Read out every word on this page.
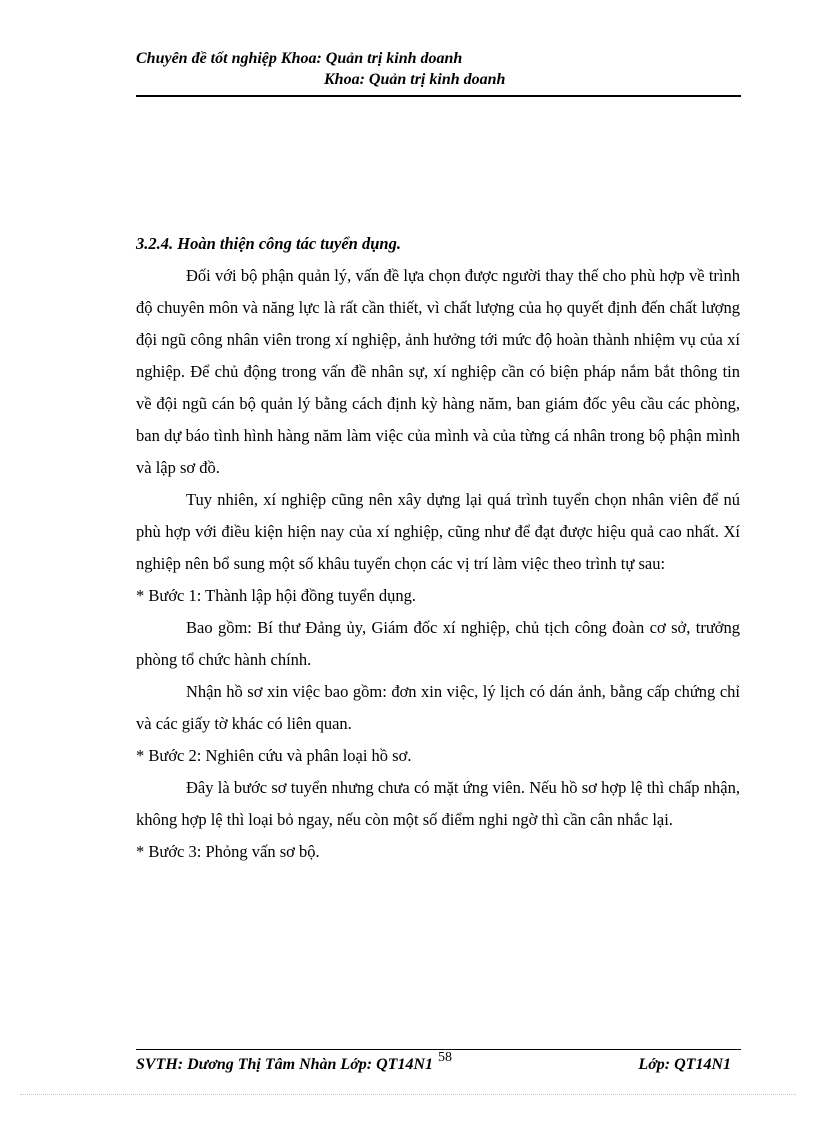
Chuyên đề tốt nghiệp Khoa: Quản trị kinh doanh
Khoa: Quản trị kinh doanh

3.2.4. Hoàn thiện công tác tuyển dụng.

Đối với bộ phận quản lý, vấn đề lựa chọn được người thay thế cho phù hợp về trình độ chuyên môn và năng lực là rất cần thiết, vì chất lượng của họ quyết định đến chất lượng đội ngũ công nhân viên trong xí nghiệp, ảnh hưởng tới mức độ hoàn thành nhiệm vụ của xí nghiệp. Để chủ động trong vấn đề nhân sự, xí nghiệp cần có biện pháp nắm bắt thông tin về đội ngũ cán bộ quản lý bằng cách định kỳ hàng năm, ban giám đốc yêu cầu các phòng, ban dự báo tình hình hàng năm làm việc của mình và của từng cá nhân trong bộ phận mình và lập sơ đồ.

Tuy nhiên, xí nghiệp cũng nên xây dựng lại quá trình tuyển chọn nhân viên để nú phù hợp với điều kiện hiện nay của xí nghiệp, cũng như để đạt được hiệu quả cao nhất. Xí nghiệp nên bổ sung một số khâu tuyển chọn các vị trí làm việc theo trình tự sau:

* Bước 1: Thành lập hội đồng tuyển dụng.

Bao gồm: Bí thư Đảng ủy, Giám đốc xí nghiệp, chủ tịch công đoàn cơ sở, trưởng phòng tổ chức hành chính.

Nhận hồ sơ xin việc bao gồm: đơn xin việc, lý lịch có dán ảnh, bằng cấp chứng chỉ và các giấy tờ khác có liên quan.

* Bước 2: Nghiên cứu và phân loại hồ sơ.

Đây là bước sơ tuyển nhưng chưa có mặt ứng viên. Nếu hồ sơ hợp lệ thì chấp nhận, không hợp lệ thì loại bỏ ngay, nếu còn một số điểm nghi ngờ thì cần cân nhắc lại.

* Bước 3: Phỏng vấn sơ bộ.

SVTH: Dương Thị Tâm Nhàn Lớp: QT14N1 58	Lớp: QT14N1
